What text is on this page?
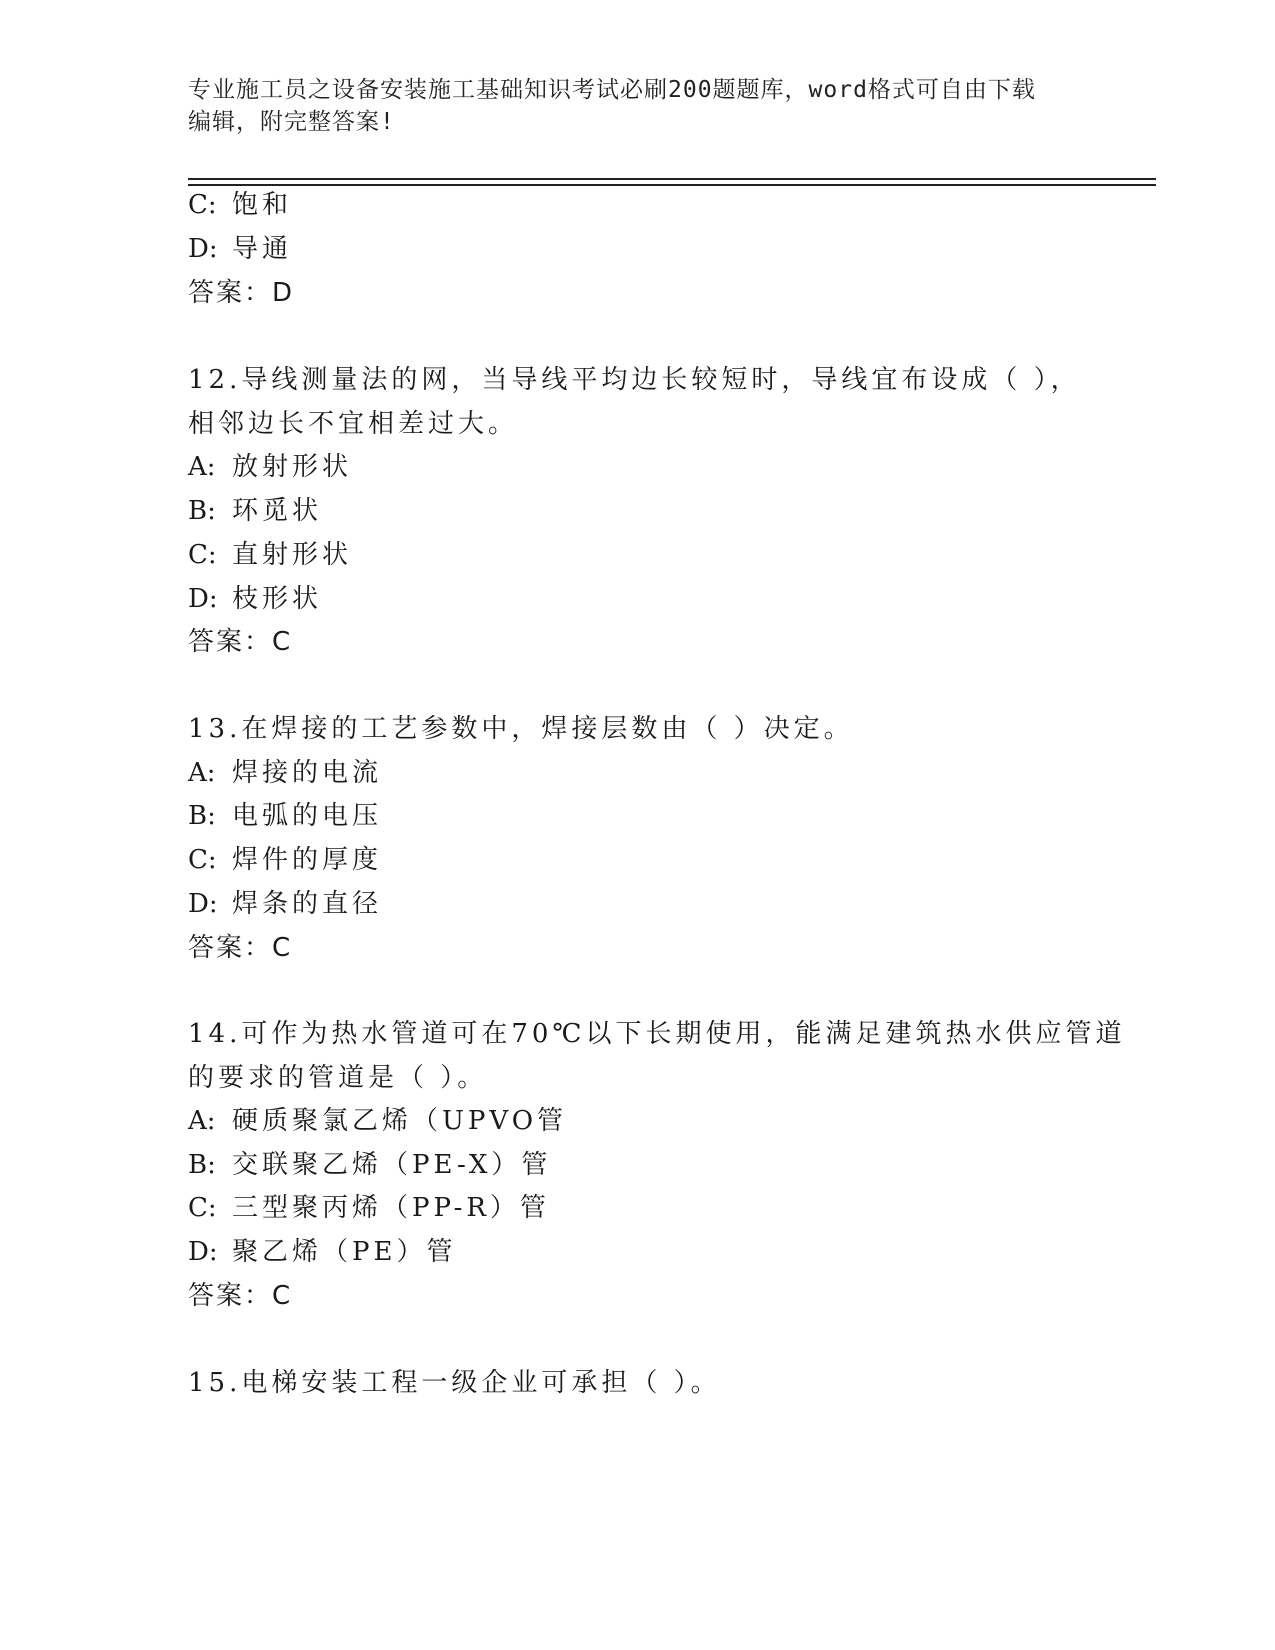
专业施工员之设备安装施工基础知识考试必刷200题题库，word格式可自由下载
编辑，附完整答案!
C: 饱和
D: 导通
答案：D
12.导线测量法的网，当导线平均边长较短时，导线宜布设成（ ），
相邻边长不宜相差过大。
A: 放射形状
B: 环觅状
C: 直射形状
D: 枝形状
答案：C
13.在焊接的工艺参数中，焊接层数由（ ）决定。
A: 焊接的电流
B: 电弧的电压
C: 焊件的厚度
D: 焊条的直径
答案：C
14.可作为热水管道可在70℃以下长期使用，能满足建筑热水供应管道
的要求的管道是（ ）。
A: 硬质聚氯乙烯（UPVO管
B: 交联聚乙烯（PE-X）管
C: 三型聚丙烯（PP-R）管
D: 聚乙烯（PE）管
答案：C
15.电梯安装工程一级企业可承担（ ）。
